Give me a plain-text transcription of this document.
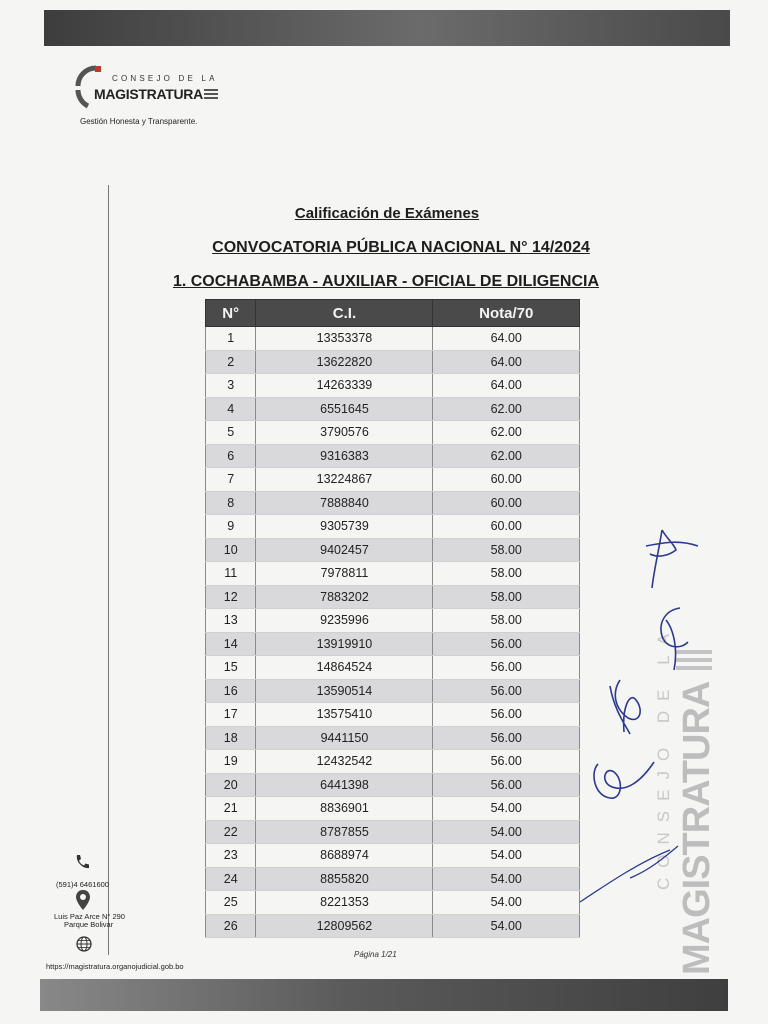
CONSEJO DE LA
MAGISTRATURA
Gestión Honesta y Transparente.
Calificación de Exámenes
CONVOCATORIA PÚBLICA NACIONAL N° 14/2024
1. COCHABAMBA - AUXILIAR - OFICIAL DE DILIGENCIA
N°	C.I.	Nota/70
1	13353378	64.00
2	13622820	64.00
3	14263339	64.00
4	6551645	62.00
5	3790576	62.00
6	9316383	62.00
7	13224867	60.00
8	7888840	60.00
9	9305739	60.00
10	9402457	58.00
11	7978811	58.00
12	7883202	58.00
13	9235996	58.00
14	13919910	56.00
15	14864524	56.00
16	13590514	56.00
17	13575410	56.00
18	9441150	56.00
19	12432542	56.00
20	6441398	56.00
21	8836901	54.00
22	8787855	54.00
23	8688974	54.00
24	8855820	54.00
25	8221353	54.00
26	12809562	54.00
Página 1/21
(591)4 6461600
Luis Paz Arce N° 290
Parque Bolivar
https://magistratura.organojudicial.gob.bo
CONSEJO DE LA MAGISTRATURA
